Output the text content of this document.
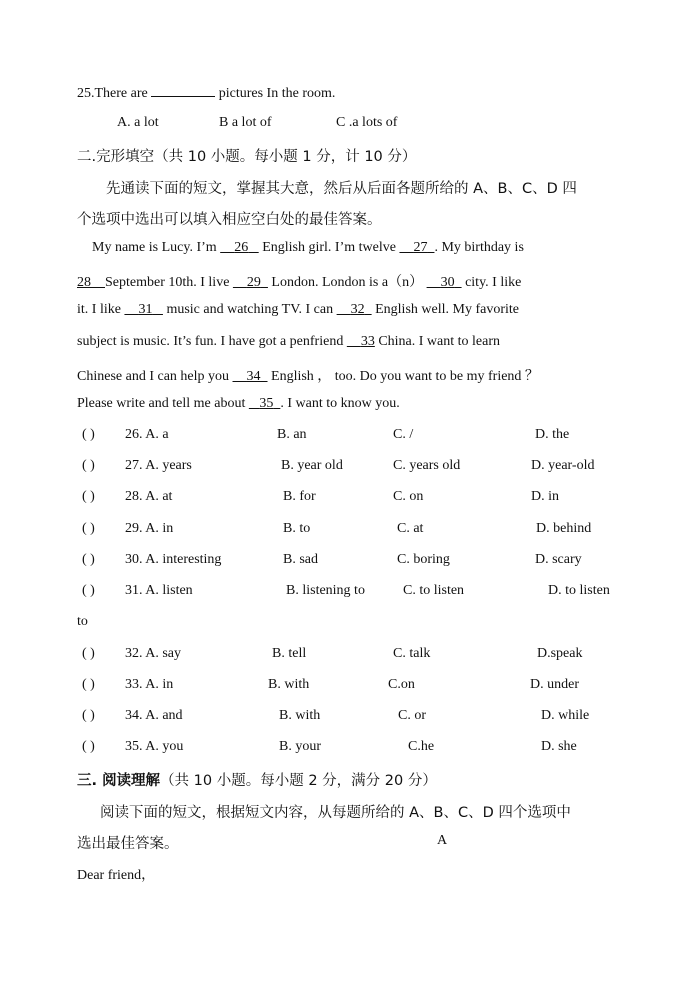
25.There are	pictures In the room.
A. a lot	B a lot of	C .a lots of
二.完形填空（共 10 小题。每小题 1 分，计 10 分）
先通读下面的短文，掌握其大意，然后从后面各题所给的 A、B、C、D 四
个选项中选出可以填入相应空白处的最佳答案。
My name is Lucy. I’m 26 English girl. I’m twelve 27 . My birthday is
28 September 10th. I live 29 London. London is a（n） 30 city. I like
it. I like 31 music and watching TV. I can 32 English well. My favorite
subject is music. It’s fun. I have got a penfriend 33 China. I want to learn
Chinese and I can help you 34 English ， too. Do you want to be my friend ？
Please write and tell me about 35 . I want to know you.
( ) 26. A. a	B. an	C. /	D. the
( ) 27. A. years	B. year old	C. years old	D. year-old
( ) 28. A. at	B. for	C. on	D. in
( ) 29. A. in	B. to	C. at	D. behind
( ) 30. A. interesting	B. sad	C. boring	D. scary
( ) 31. A. listen	B. listening to	C. to listen	D. to listen
to
( ) 32. A. say	B. tell	C. talk	D.speak
( ) 33. A. in	B. with	C.on	D. under
( ) 34. A. and	B. with	C. or	D. while
( ) 35. A. you	B. your	C.he	D. she
三. 阅读理解（共 10 小题。每小题 2 分，满分 20 分）
阅读下面的短文，根据短文内容，从每题所给的 A、B、C、D 四个选项中
选出最佳答案。	A
Dear friend，
